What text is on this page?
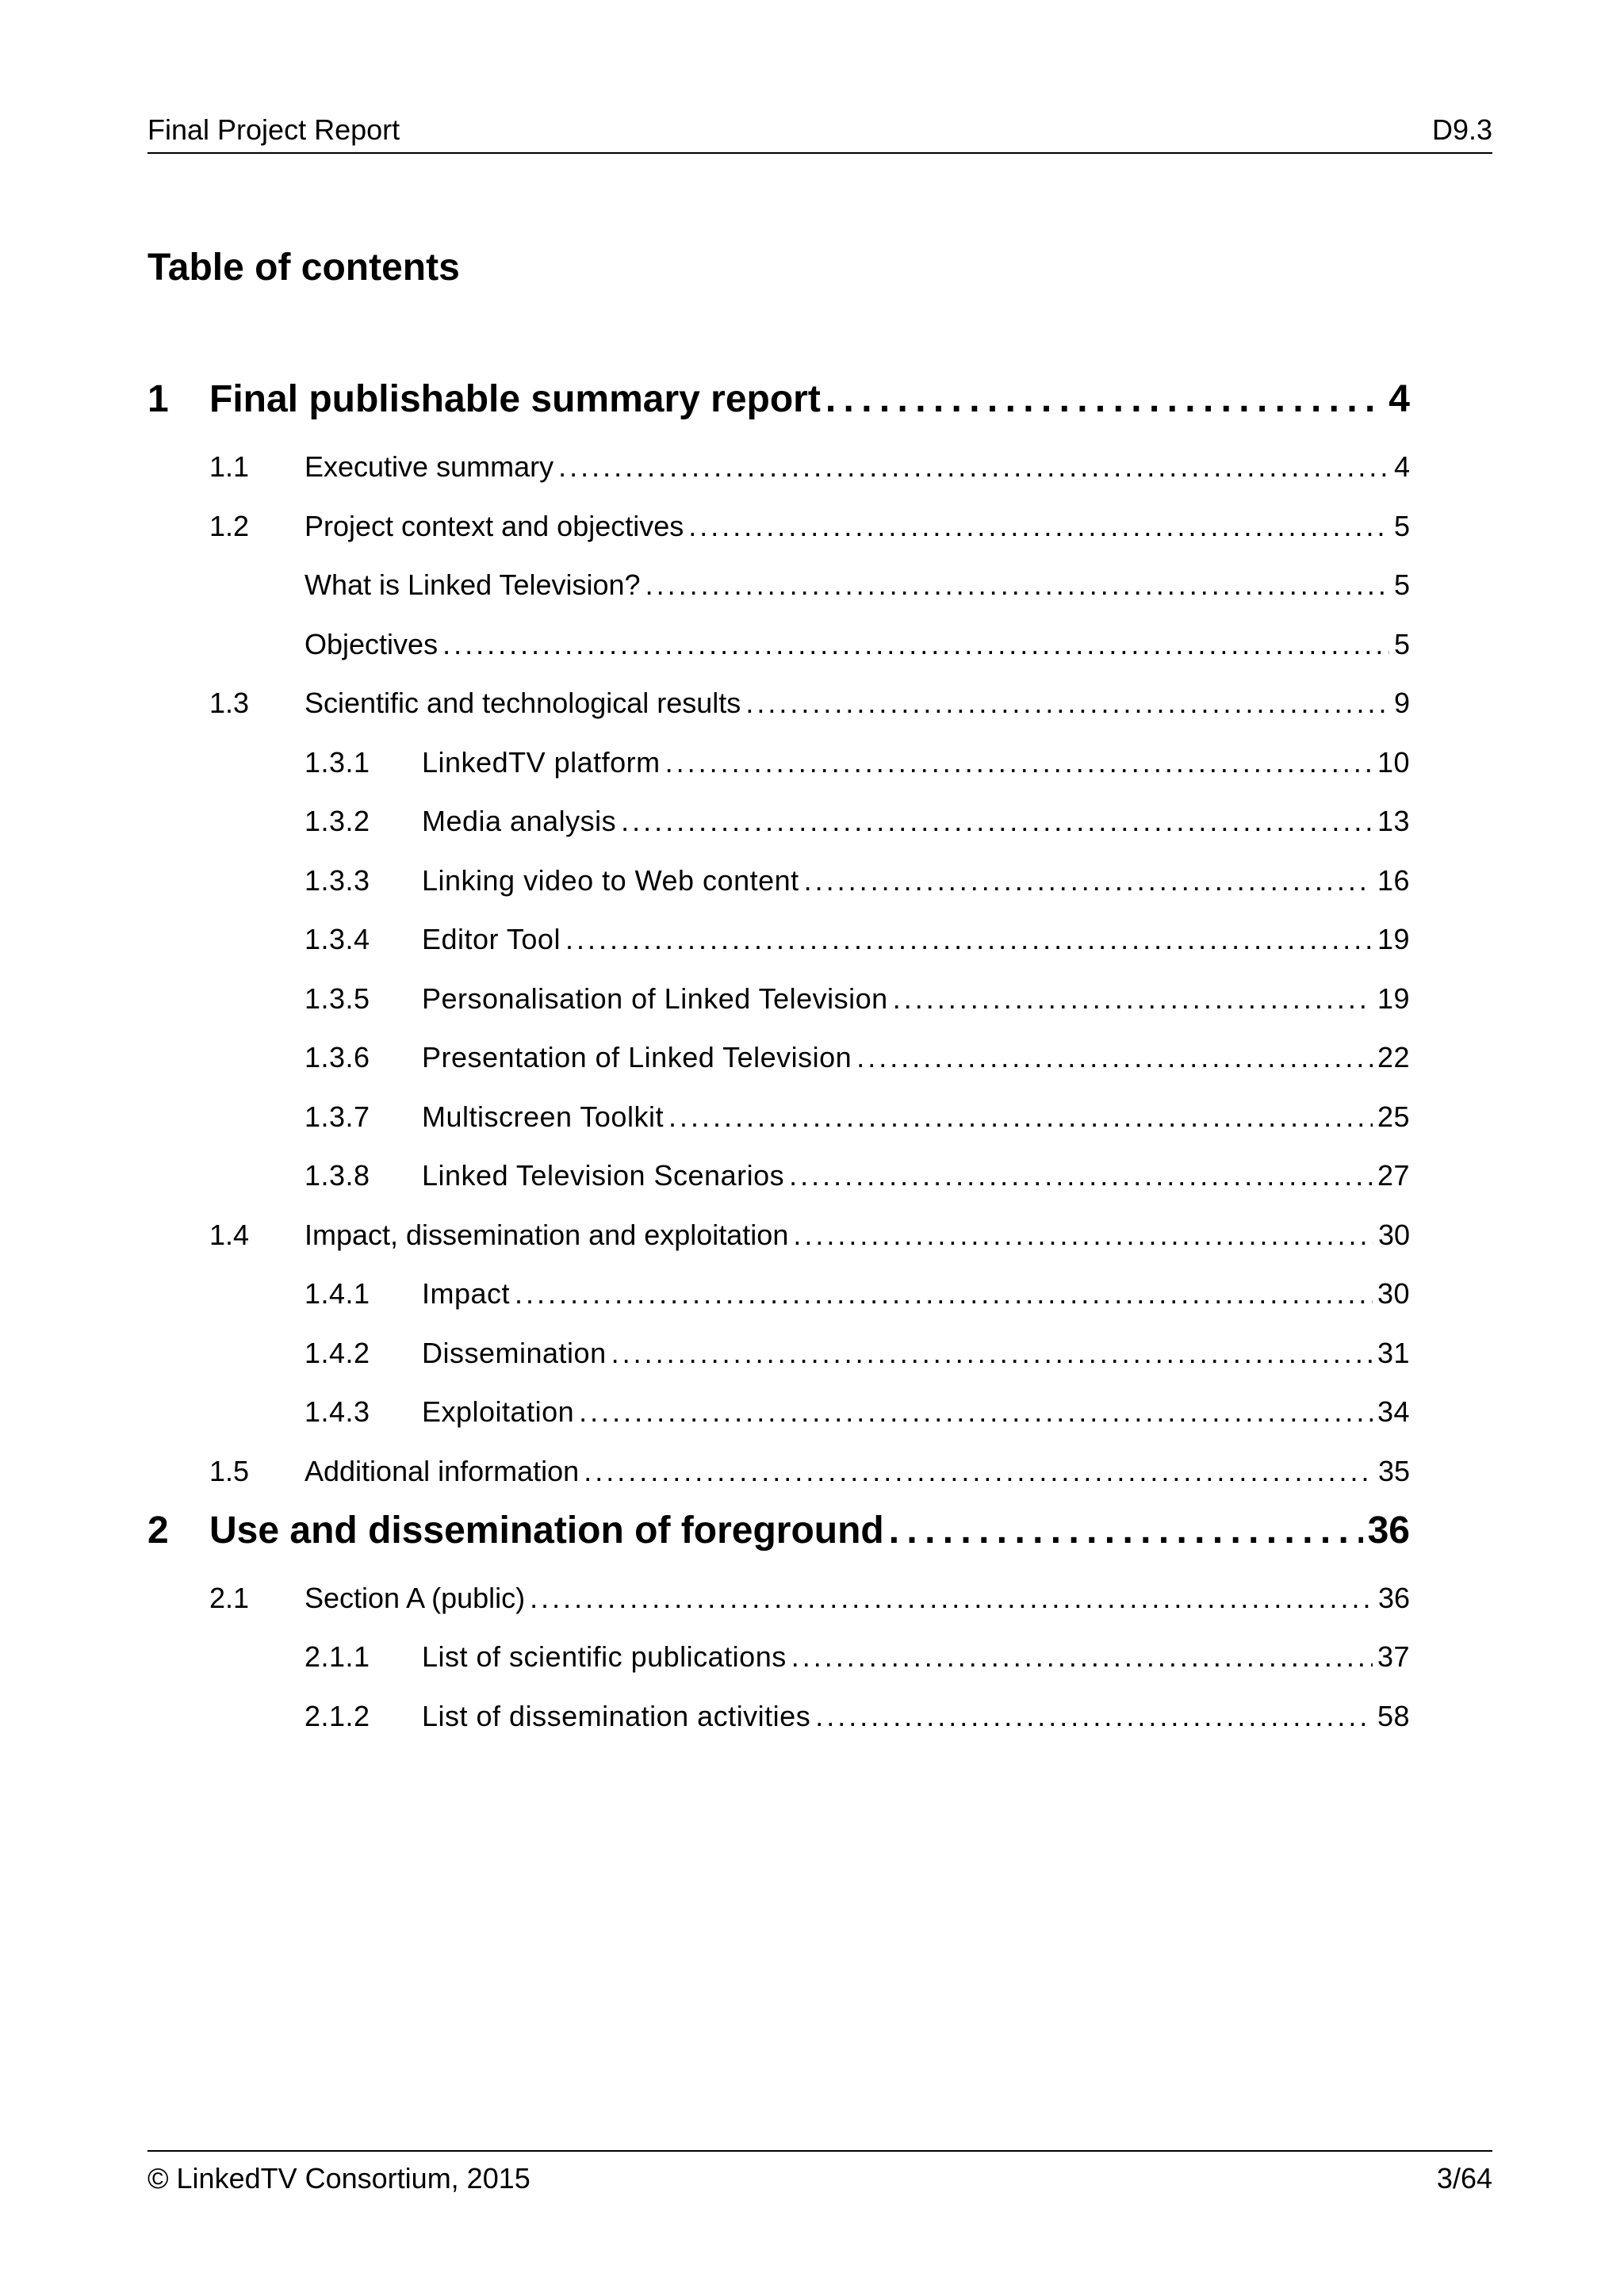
Final Project Report	D9.3
Table of contents
1	Final publishable summary report . . .	4
1.1	Executive summary . . .	4
1.2	Project context and objectives . . .	5
What is Linked Television? . . .	5
Objectives . . .	5
1.3	Scientific and technological results . . .	9
1.3.1	LinkedTV platform . . .	10
1.3.2	Media analysis . . .	13
1.3.3	Linking video to Web content . . .	16
1.3.4	Editor Tool . . .	19
1.3.5	Personalisation of Linked Television . . .	19
1.3.6	Presentation of Linked Television . . .	22
1.3.7	Multiscreen Toolkit . . .	25
1.3.8	Linked Television Scenarios . . .	27
1.4	Impact, dissemination and exploitation . . .	30
1.4.1	Impact . . .	30
1.4.2	Dissemination . . .	31
1.4.3	Exploitation . . .	34
1.5	Additional information . . .	35
2	Use and dissemination of foreground . . .	36
2.1	Section A (public) . . .	36
2.1.1	List of scientific publications . . .	37
2.1.2	List of dissemination activities . . .	58
© LinkedTV Consortium, 2015	3/64
